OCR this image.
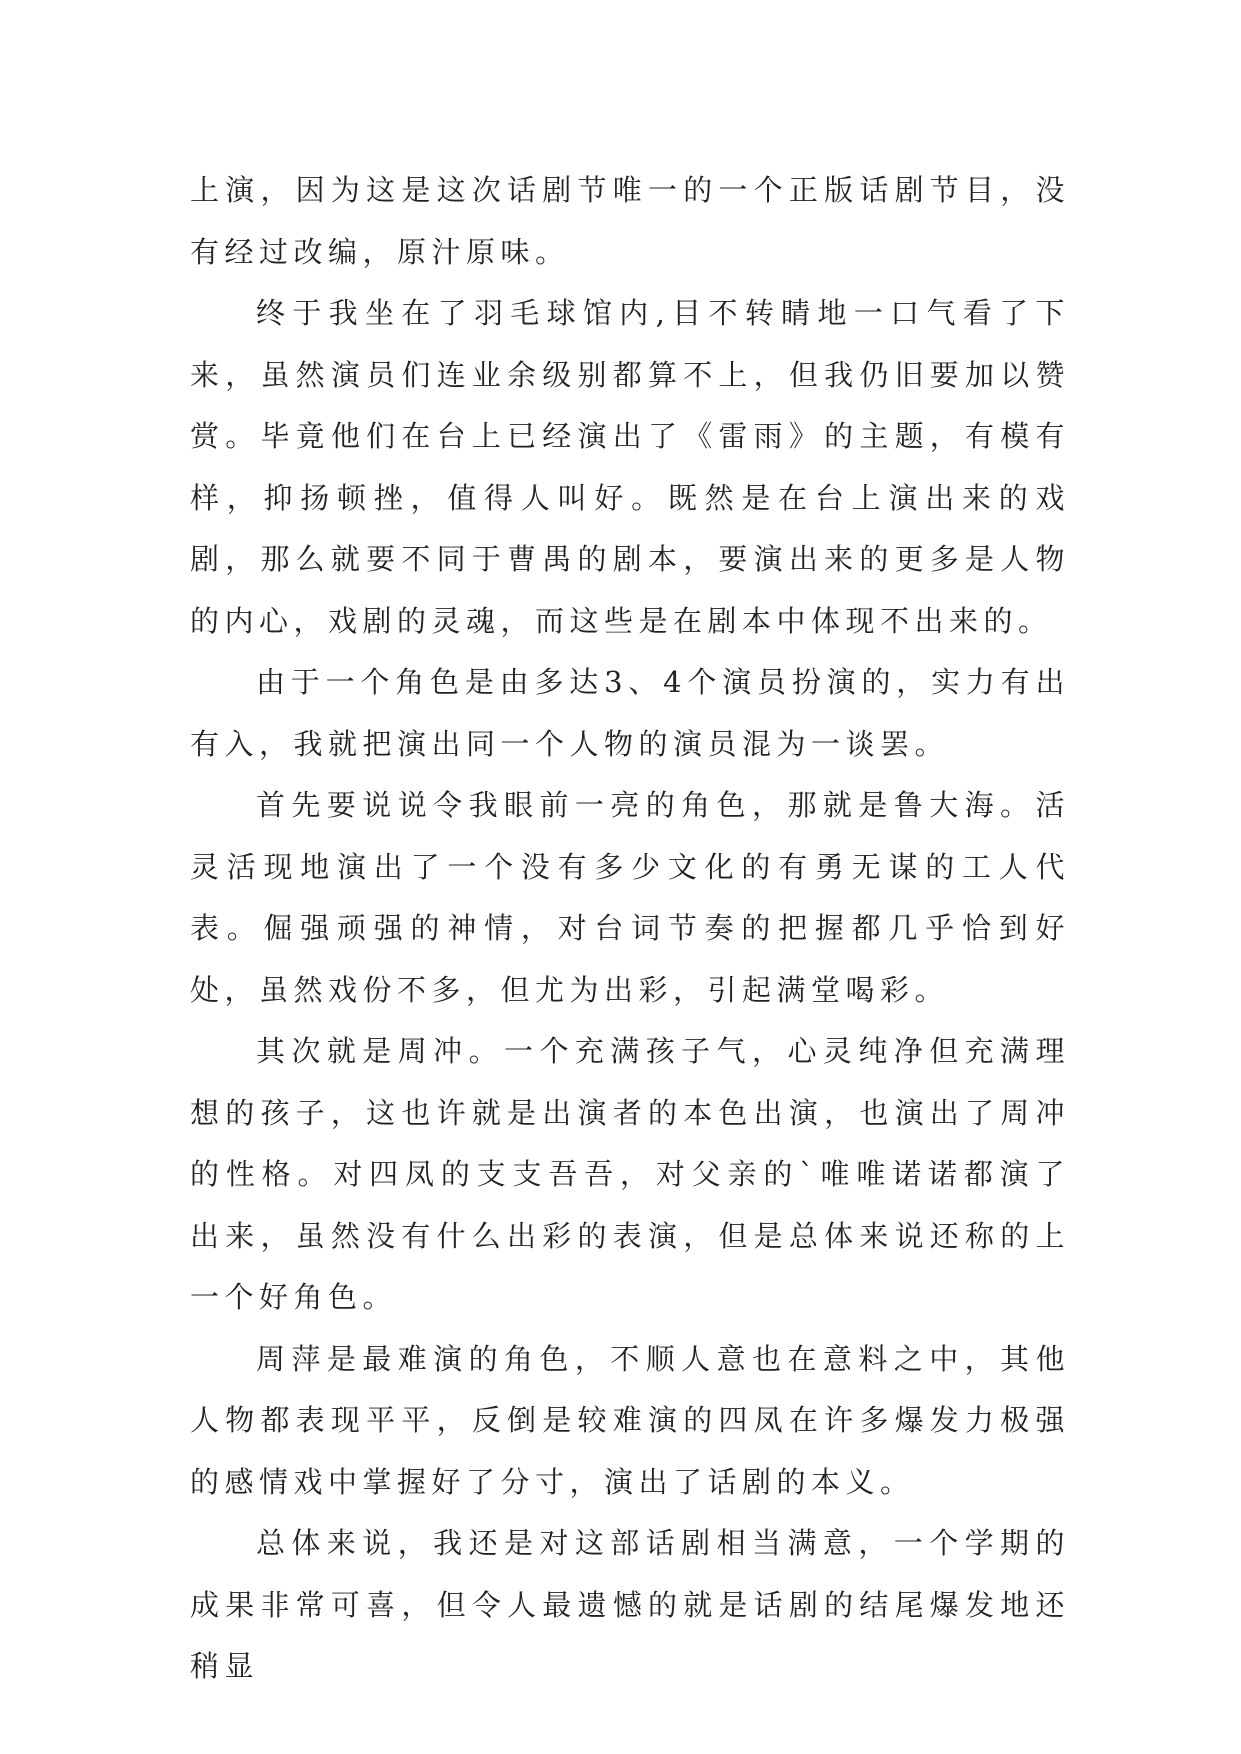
上演，因为这是这次话剧节唯一的一个正版话剧节目，没有经过改编，原汁原味。

终于我坐在了羽毛球馆内,目不转睛地一口气看了下来，虽然演员们连业余级别都算不上，但我仍旧要加以赞赏。毕竟他们在台上已经演出了《雷雨》的主题，有模有样，抑扬顿挫，值得人叫好。既然是在台上演出来的戏剧，那么就要不同于曹禺的剧本，要演出来的更多是人物的内心，戏剧的灵魂，而这些是在剧本中体现不出来的。

由于一个角色是由多达3、4个演员扮演的，实力有出有入，我就把演出同一个人物的演员混为一谈罢。

首先要说说令我眼前一亮的角色，那就是鲁大海。活灵活现地演出了一个没有多少文化的有勇无谋的工人代表。倔强顽强的神情，对台词节奏的把握都几乎恰到好处，虽然戏份不多，但尤为出彩，引起满堂喝彩。

其次就是周冲。一个充满孩子气，心灵纯净但充满理想的孩子，这也许就是出演者的本色出演，也演出了周冲的性格。对四凤的支支吾吾，对父亲的`唯唯诺诺都演了出来，虽然没有什么出彩的表演，但是总体来说还称的上一个好角色。

周萍是最难演的角色，不顺人意也在意料之中，其他人物都表现平平，反倒是较难演的四凤在许多爆发力极强的感情戏中掌握好了分寸，演出了话剧的本义。

总体来说，我还是对这部话剧相当满意，一个学期的成果非常可喜，但令人最遗憾的就是话剧的结尾爆发地还稍显
